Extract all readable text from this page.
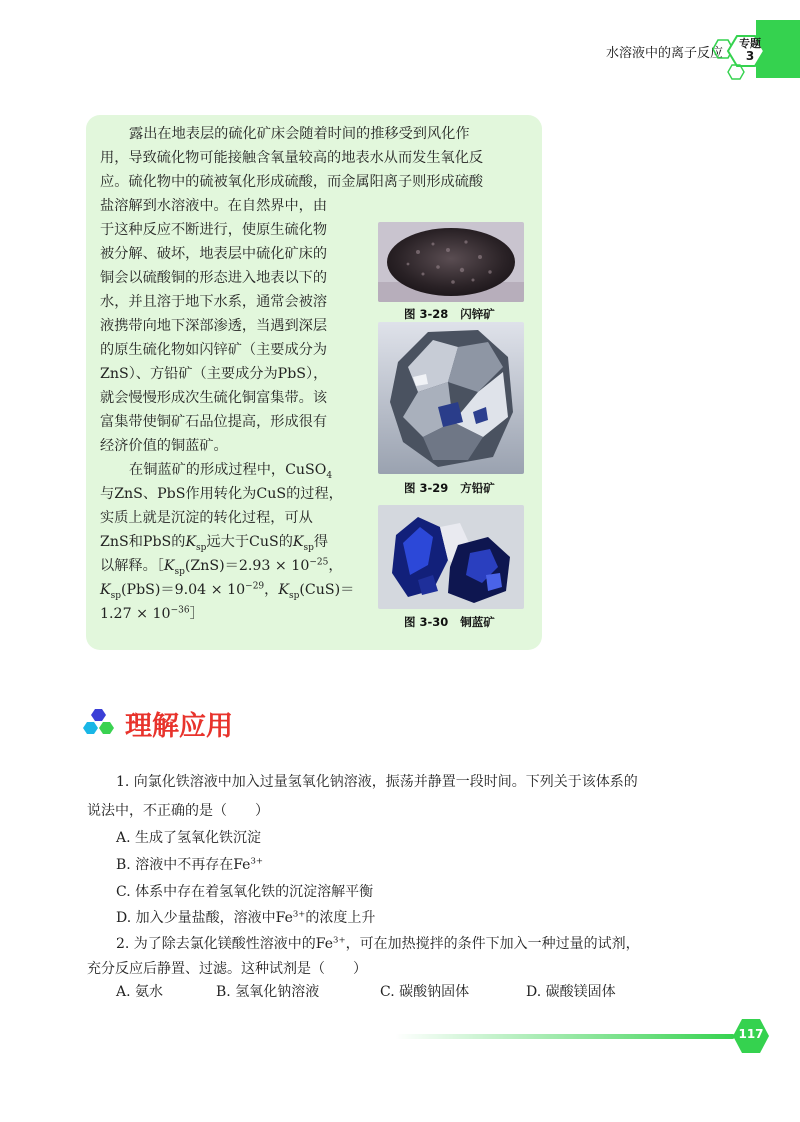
水溶液中的离子反应
专题
3
露出在地表层的硫化矿床会随着时间的推移受到风化作
用，导致硫化物可能接触含氧量较高的地表水从而发生氧化反
应。硫化物中的硫被氧化形成硫酸，而金属阳离子则形成硫酸
盐溶解到水溶液中。在自然界中，由
于这种反应不断进行，使原生硫化物
被分解、破坏，地表层中硫化矿床的
铜会以硫酸铜的形态进入地表以下的
水，并且溶于地下水系，通常会被溶
液携带向地下深部渗透，当遇到深层
的原生硫化物如闪锌矿（主要成分为
ZnS）、方铅矿（主要成分为PbS），
就会慢慢形成次生硫化铜富集带。该
富集带使铜矿石品位提高，形成很有
经济价值的铜蓝矿。
在铜蓝矿的形成过程中，CuSO$_4$
与ZnS、PbS作用转化为CuS的过程，
实质上就是沉淀的转化过程，可从
ZnS和PbS的$K_{sp}$远大于CuS的$K_{sp}$得
以解释。$[K_{sp}(ZnS)=2.93 \times 10^{-25}$，
$K_{sp}(PbS)=9.04 \times 10^{-29}$，$K_{sp}(CuS)=$
$1.27 \times 10^{-36}]$
图 3-28 闪锌矿
图 3-29 方铅矿
图 3-30 铜蓝矿
理解应用
1. 向氯化铁溶液中加入过量氢氧化钠溶液，振荡并静置一段时间。下列关于该体系的
说法中，不正确的是（　　）
A. 生成了氢氧化铁沉淀
B. 溶液中不再存在$Fe^{3+}$
C. 体系中存在着氢氧化铁的沉淀溶解平衡
D. 加入少量盐酸，溶液中$Fe^{3+}$的浓度上升
2. 为了除去氯化镁酸性溶液中的$Fe^{3+}$，可在加热搅拌的条件下加入一种过量的试剂，
充分反应后静置、过滤。这种试剂是（　　）
A. 氨水	B. 氢氧化钠溶液	C. 碳酸钠固体	D. 碳酸镁固体
117
